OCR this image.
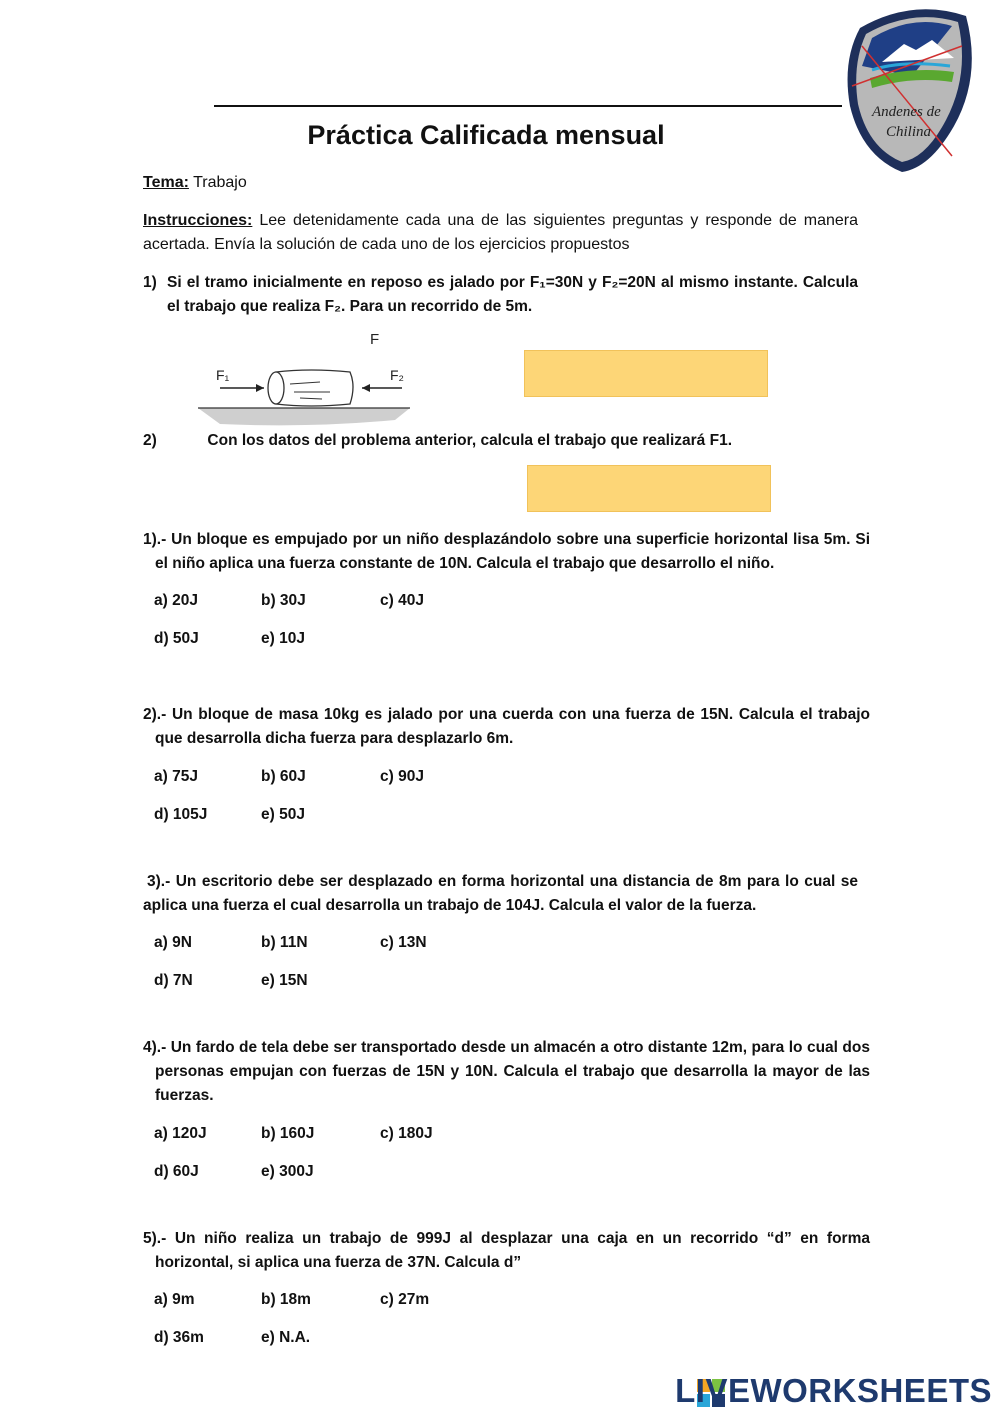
Andenes de
Chilina
Práctica Calificada mensual
Tema: Trabajo
Instrucciones: Lee detenidamente cada una de las siguientes preguntas y responde de manera acertada. Envía la solución de cada uno de los ejercicios propuestos
1) Si el tramo inicialmente en reposo es jalado por F₁=30N y F₂=20N al mismo instante. Calcula el trabajo que realiza F₂. Para un recorrido de 5m.
F
F₁	F₂
2)	Con los datos del problema anterior, calcula el trabajo que realizará F1.
1).- Un bloque es empujado por un niño desplazándolo sobre una superficie horizontal lisa 5m. Si el niño aplica una fuerza constante de 10N. Calcula el trabajo que desarrollo el niño.
a) 20J	b) 30J	c) 40J
d) 50J	e) 10J
2).- Un bloque de masa 10kg es jalado por una cuerda con una fuerza de 15N. Calcula el trabajo que desarrolla dicha fuerza para desplazarlo 6m.
a) 75J	b) 60J	c) 90J
d) 105J	e) 50J
3).- Un escritorio debe ser desplazado en forma horizontal una distancia de 8m para lo cual se aplica una fuerza el cual desarrolla un trabajo de 104J. Calcula el valor de la fuerza.
a) 9N	b) 11N	c) 13N
d) 7N	e) 15N
4).- Un fardo de tela debe ser transportado desde un almacén a otro distante 12m, para lo cual dos personas empujan con fuerzas de 15N y 10N. Calcula el trabajo que desarrolla la mayor de las fuerzas.
a) 120J	b) 160J	c) 180J
d) 60J	e) 300J
5).- Un niño realiza un trabajo de 999J al desplazar una caja en un recorrido “d” en forma horizontal, si aplica una fuerza de 37N. Calcula d”
a) 9m	b) 18m	c) 27m
d) 36m	e) N.A.
LIVEWORKSHEETS
